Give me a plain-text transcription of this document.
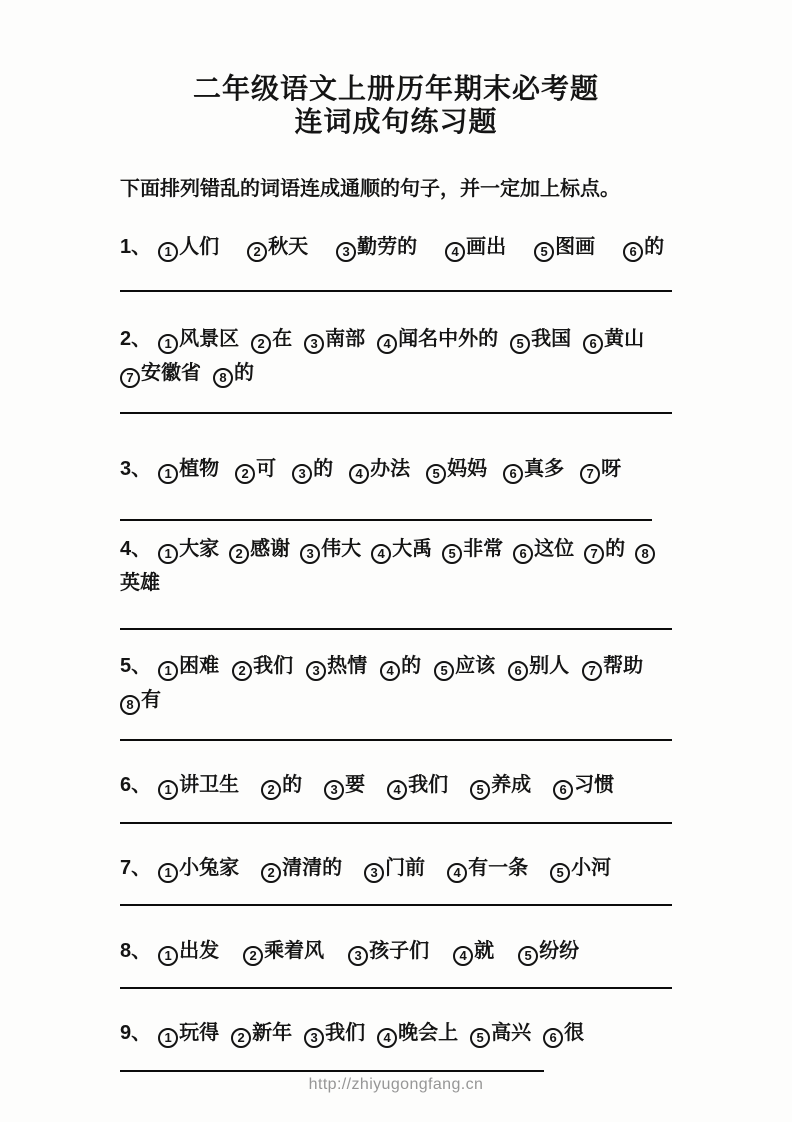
二年级语文上册历年期末必考题
连词成句练习题
下面排列错乱的词语连成通顺的句子，并一定加上标点。
1、 1 人们	2 秋天	3 勤劳的	4 画出	5 图画	6 的
2、 1 风景区 2 在 3 南部 4 闻名中外的 5 我国 6 黄山7 安徽省 8 的
3、 1 植物 2 可 3 的 4 办法 5 妈妈 6 真多 7 呀
4、 1 大家 2 感谢 3 伟大 4 大禹 5 非常 6 这位 7 的 8英雄
5、 1 困难 2 我们 3 热情 4 的 5 应该 6 别人 7 帮助8 有
6、 1 讲卫生 2 的 3 要 4 我们 5 养成 6 习惯
7、 1 小兔家 2 清清的 3 门前 4 有一条 5 小河
8、 1 出发 2 乘着风 3 孩子们 4 就 5 纷纷
9、 1 玩得 2 新年 3 我们 4 晚会上 5 高兴 6 很
http://zhiyugongfang.cn
